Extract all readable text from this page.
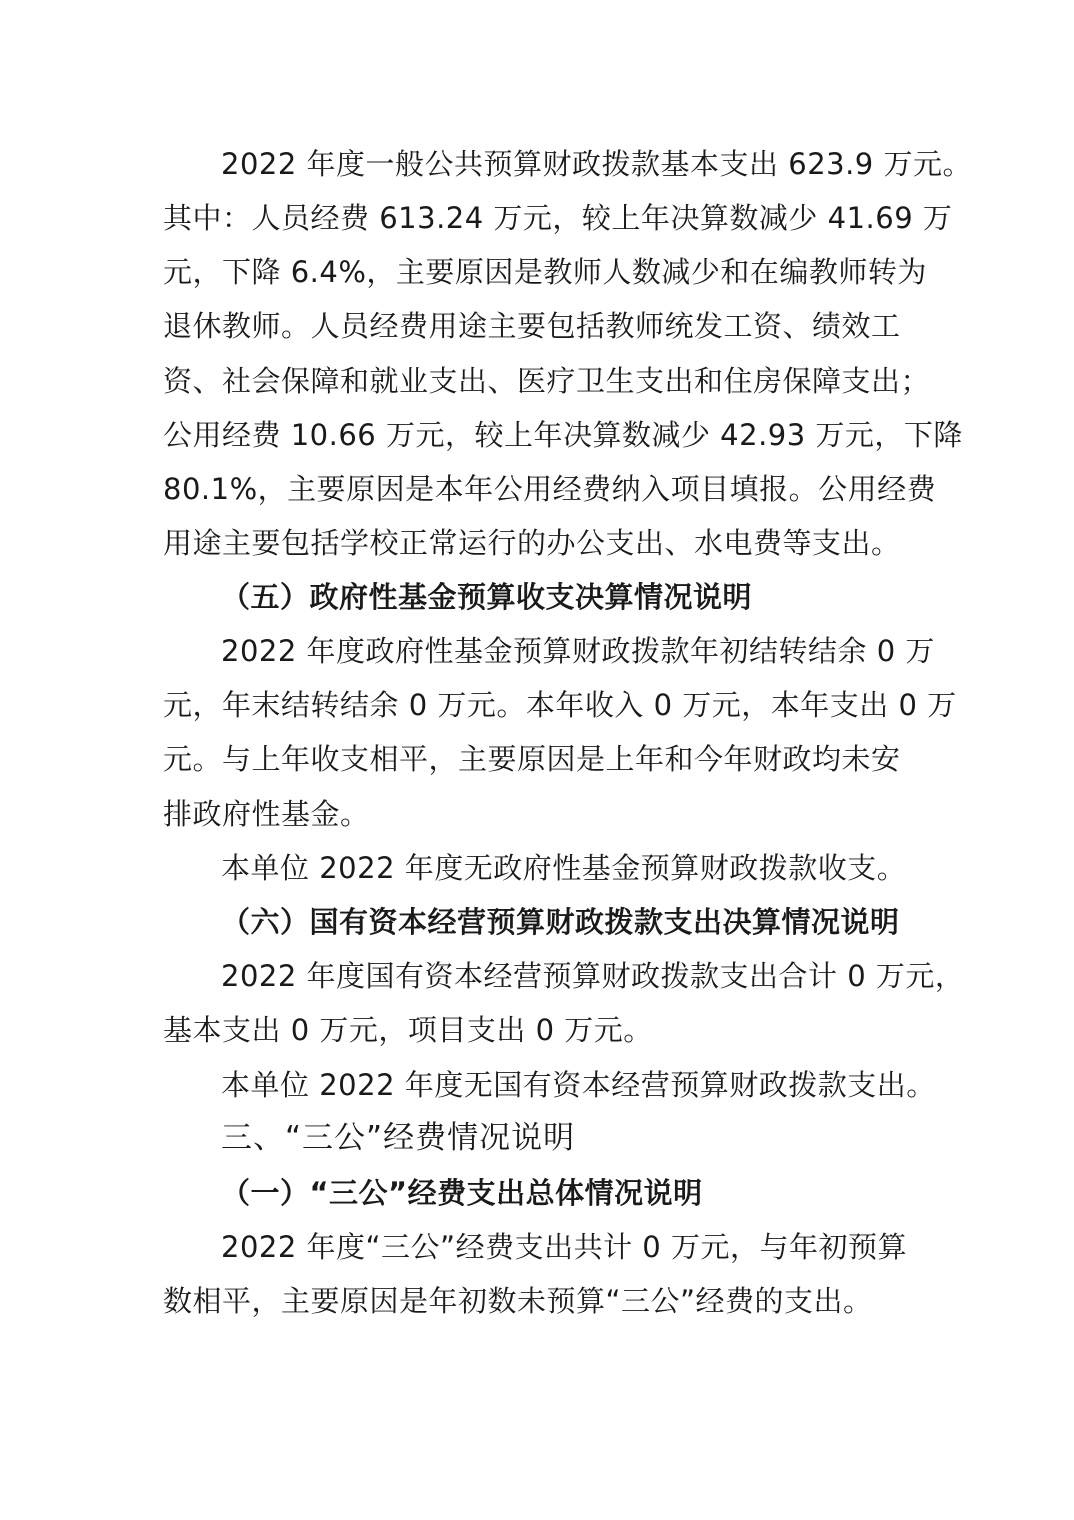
2022 年度一般公共预算财政拨款基本支出 623.9 万元。
其中：人员经费 613.24 万元，较上年决算数减少 41.69 万
元，下降 6.4%，主要原因是教师人数减少和在编教师转为
退休教师。人员经费用途主要包括教师统发工资、绩效工
资、社会保障和就业支出、医疗卫生支出和住房保障支出；
公用经费 10.66 万元，较上年决算数减少 42.93 万元，下降
80.1%，主要原因是本年公用经费纳入项目填报。公用经费
用途主要包括学校正常运行的办公支出、水电费等支出。
（五）政府性基金预算收支决算情况说明
2022 年度政府性基金预算财政拨款年初结转结余 0 万
元，年末结转结余 0 万元。本年收入 0 万元，本年支出 0 万
元。与上年收支相平，主要原因是上年和今年财政均未安
排政府性基金。
本单位 2022 年度无政府性基金预算财政拨款收支。
（六）国有资本经营预算财政拨款支出决算情况说明
2022 年度国有资本经营预算财政拨款支出合计 0 万元，
基本支出 0 万元，项目支出 0 万元。
本单位 2022 年度无国有资本经营预算财政拨款支出。
三、“三公”经费情况说明
（一）“三公”经费支出总体情况说明
2022 年度“三公”经费支出共计 0 万元，与年初预算
数相平，主要原因是年初数未预算“三公”经费的支出。
